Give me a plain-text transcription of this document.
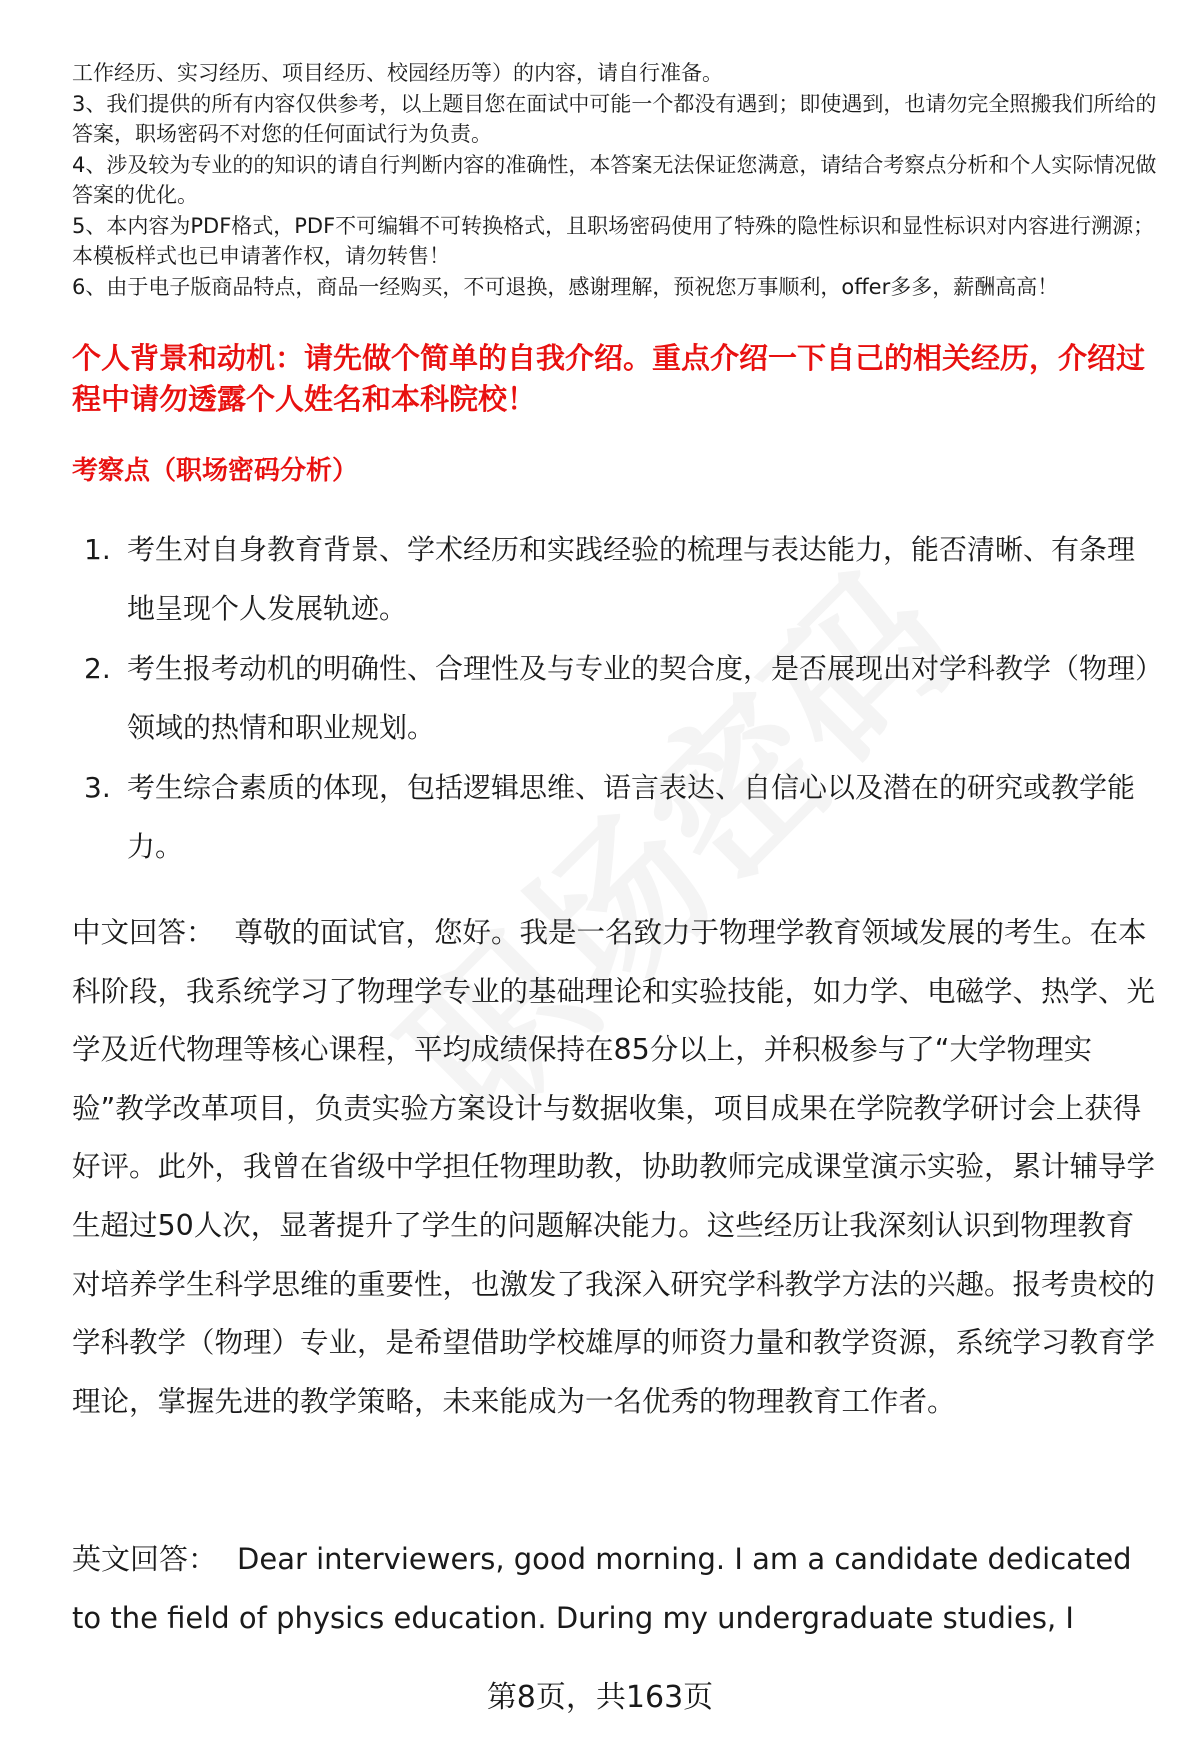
工作经历、实习经历、项目经历、校园经历等）的内容，请自行准备。

3、我们提供的所有内容仅供参考，以上题目您在面试中可能一个都没有遇到；即使遇到，也请勿完全照搬我们所给的答案，职场密码不对您的任何面试行为负责。

4、涉及较为专业的的知识的请自行判断内容的准确性，本答案无法保证您满意，请结合考察点分析和个人实际情况做答案的优化。

5、本内容为PDF格式，PDF不可编辑不可转换格式，且职场密码使用了特殊的隐性标识和显性标识对内容进行溯源；本模板样式也已申请著作权，请勿转售！

6、由于电子版商品特点，商品一经购买，不可退换，感谢理解，预祝您万事顺利，offer多多，薪酬高高！

个人背景和动机：请先做个简单的自我介绍。重点介绍一下自己的相关经历，介绍过程中请勿透露个人姓名和本科院校！

考察点（职场密码分析）

1. 考生对自身教育背景、学术经历和实践经验的梳理与表达能力，能否清晰、有条理地呈现个人发展轨迹。
2. 考生报考动机的明确性、合理性及与专业的契合度，是否展现出对学科教学（物理）领域的热情和职业规划。
3. 考生综合素质的体现，包括逻辑思维、语言表达、自信心以及潜在的研究或教学能力。

中文回答： 尊敬的面试官，您好。我是一名致力于物理学教育领域发展的考生。在本科阶段，我系统学习了物理学专业的基础理论和实验技能，如力学、电磁学、热学、光学及近代物理等核心课程，平均成绩保持在85分以上，并积极参与了“大学物理实验”教学改革项目，负责实验方案设计与数据收集，项目成果在学院教学研讨会上获得好评。此外，我曾在省级中学担任物理助教，协助教师完成课堂演示实验，累计辅导学生超过50人次，显著提升了学生的问题解决能力。这些经历让我深刻认识到物理教育对培养学生科学思维的重要性，也激发了我深入研究学科教学方法的兴趣。报考贵校的学科教学（物理）专业，是希望借助学校雄厚的师资力量和教学资源，系统学习教育学理论，掌握先进的教学策略，未来能成为一名优秀的物理教育工作者。

英文回答： Dear interviewers, good morning. I am a candidate dedicated to the field of physics education. During my undergraduate studies, I

第8页，共163页
